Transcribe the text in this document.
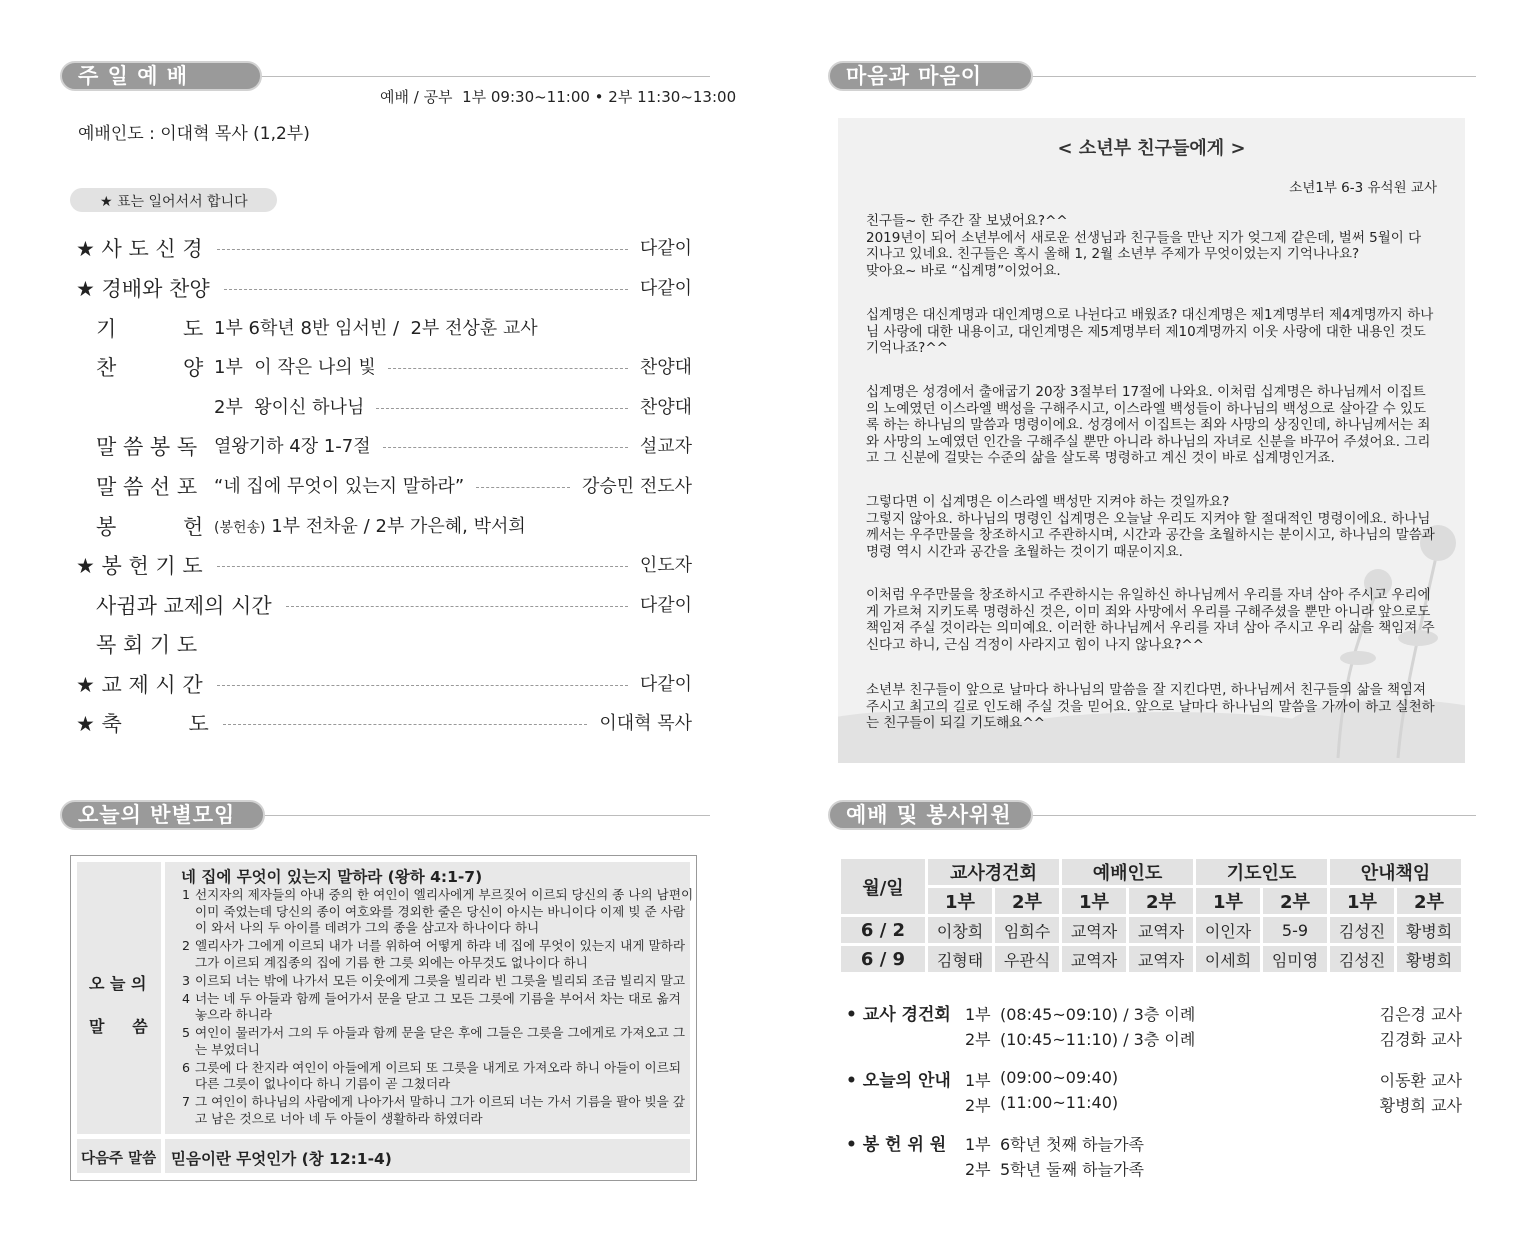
주 일 예 배
예배 / 공부  1부 09:30~11:00 • 2부 11:30~13:00
예배인도 : 이대혁 목사 (1,2부)
★ 표는 일어서서 합니다
★ 사 도 신 경	다같이
★ 경배와 찬양	다같이
기          도 1부 6학년 8반 임서빈 /  2부 전상훈 교사
찬          양 1부  이 작은 나의 빛	찬양대
2부  왕이신 하나님	찬양대
말 씀 봉 독 열왕기하 4장 1-7절	설교자
말 씀 선 포 “네 집에 무엇이 있는지 말하라”	강승민 전도사
봉          헌 (봉헌송) 1부 전차윤 / 2부 가은혜, 박서희
★ 봉 헌 기 도	인도자
사귐과 교제의 시간	다같이
목 회 기 도
★ 교 제 시 간	다같이
★ 축          도	이대혁 목사
마음과 마음이
< 소년부 친구들에게 >
소년1부 6-3 유석원 교사
친구들~ 한 주간 잘 보냈어요?^^
2019년이 되어 소년부에서 새로운 선생님과 친구들을 만난 지가 엊그제 같은데, 벌써 5월이 다 지나고 있네요. 친구들은 혹시 올해 1, 2월 소년부 주제가 무엇이었는지 기억나나요?
맞아요~ 바로 “십계명”이었어요.
십계명은 대신계명과 대인계명으로 나뉜다고 배웠죠? 대신계명은 제1계명부터 제4계명까지 하나님 사랑에 대한 내용이고, 대인계명은 제5계명부터 제10계명까지 이웃 사랑에 대한 내용인 것도 기억나죠?^^
십계명은 성경에서 출애굽기 20장 3절부터 17절에 나와요. 이처럼 십계명은 하나님께서 이집트의 노예였던 이스라엘 백성을 구해주시고, 이스라엘 백성들이 하나님의 백성으로 살아갈 수 있도록 하는 하나님의 말씀과 명령이에요. 성경에서 이집트는 죄와 사망의 상징인데, 하나님께서는 죄와 사망의 노예였던 인간을 구해주실 뿐만 아니라 하나님의 자녀로 신분을 바꾸어 주셨어요. 그리고 그 신분에 걸맞는 수준의 삶을 살도록 명령하고 계신 것이 바로 십계명인거죠.
그렇다면 이 십계명은 이스라엘 백성만 지켜야 하는 것일까요?
그렇지 않아요. 하나님의 명령인 십계명은 오늘날 우리도 지켜야 할 절대적인 명령이에요. 하나님께서는 우주만물을 창조하시고 주관하시며, 시간과 공간을 초월하시는 분이시고, 하나님의 말씀과 명령 역시 시간과 공간을 초월하는 것이기 때문이지요.
이처럼 우주만물을 창조하시고 주관하시는 유일하신 하나님께서 우리를 자녀 삼아 주시고 우리에게 가르쳐 지키도록 명령하신 것은, 이미 죄와 사망에서 우리를 구해주셨을 뿐만 아니라 앞으로도 책임져 주실 것이라는 의미예요. 이러한 하나님께서 우리를 자녀 삼아 주시고 우리 삶을 책임져 주신다고 하니, 근심 걱정이 사라지고 힘이 나지 않나요?^^
소년부 친구들이 앞으로 날마다 하나님의 말씀을 잘 지킨다면, 하나님께서 친구들의 삶을 책임져 주시고 최고의 길로 인도해 주실 것을 믿어요. 앞으로 날마다 하나님의 말씀을 가까이 하고 실천하는 친구들이 되길 기도해요^^
오늘의 반별모임
오 늘 의
말     씀
네 집에 무엇이 있는지 말하라 (왕하 4:1-7)
1 선지자의 제자들의 아내 중의 한 여인이 엘리사에게 부르짖어 이르되 당신의 종 나의 남편이
이미 죽었는데 당신의 종이 여호와를 경외한 줄은 당신이 아시는 바니이다 이제 빚 준 사람
이 와서 나의 두 아이를 데려가 그의 종을 삼고자 하나이다 하니
2 엘리사가 그에게 이르되 내가 너를 위하여 어떻게 하랴 네 집에 무엇이 있는지 내게 말하라
그가 이르되 계집종의 집에 기름 한 그릇 외에는 아무것도 없나이다 하니
3 이르되 너는 밖에 나가서 모든 이웃에게 그릇을 빌리라 빈 그릇을 빌리되 조금 빌리지 말고
4 너는 네 두 아들과 함께 들어가서 문을 닫고 그 모든 그릇에 기름을 부어서 차는 대로 옮겨
놓으라 하니라
5 여인이 물러가서 그의 두 아들과 함께 문을 닫은 후에 그들은 그릇을 그에게로 가져오고 그
는 부었더니
6 그릇에 다 찬지라 여인이 아들에게 이르되 또 그릇을 내게로 가져오라 하니 아들이 이르되
다른 그릇이 없나이다 하니 기름이 곧 그쳤더라
7 그 여인이 하나님의 사람에게 나아가서 말하니 그가 이르되 너는 가서 기름을 팔아 빚을 갚
고 남은 것으로 너아 네 두 아들이 생활하라 하였더라
다음주 말씀 믿음이란 무엇인가 (창 12:1-4)
예배 및 봉사위원
월/일	교사경건회		예배인도		기도인도		안내책임	
	1부	2부	1부	2부	1부	2부	1부	2부
6 / 2	이창희	임희수	교역자	교역자	이인자	5-9	김성진	황병희
6 / 9	김형태	우관식	교역자	교역자	이세희	임미영	김성진	황병희
• 교사 경건회 1부 (08:45~09:10) / 3층 이례	김은경 교사
2부 (10:45~11:10) / 3층 이례	김경화 교사
• 오늘의 안내 1부 (09:00~09:40)	이동환 교사
2부 (11:00~11:40)	황병희 교사
• 봉 헌 위 원 1부 6학년 첫째 하늘가족
2부 5학년 둘째 하늘가족
